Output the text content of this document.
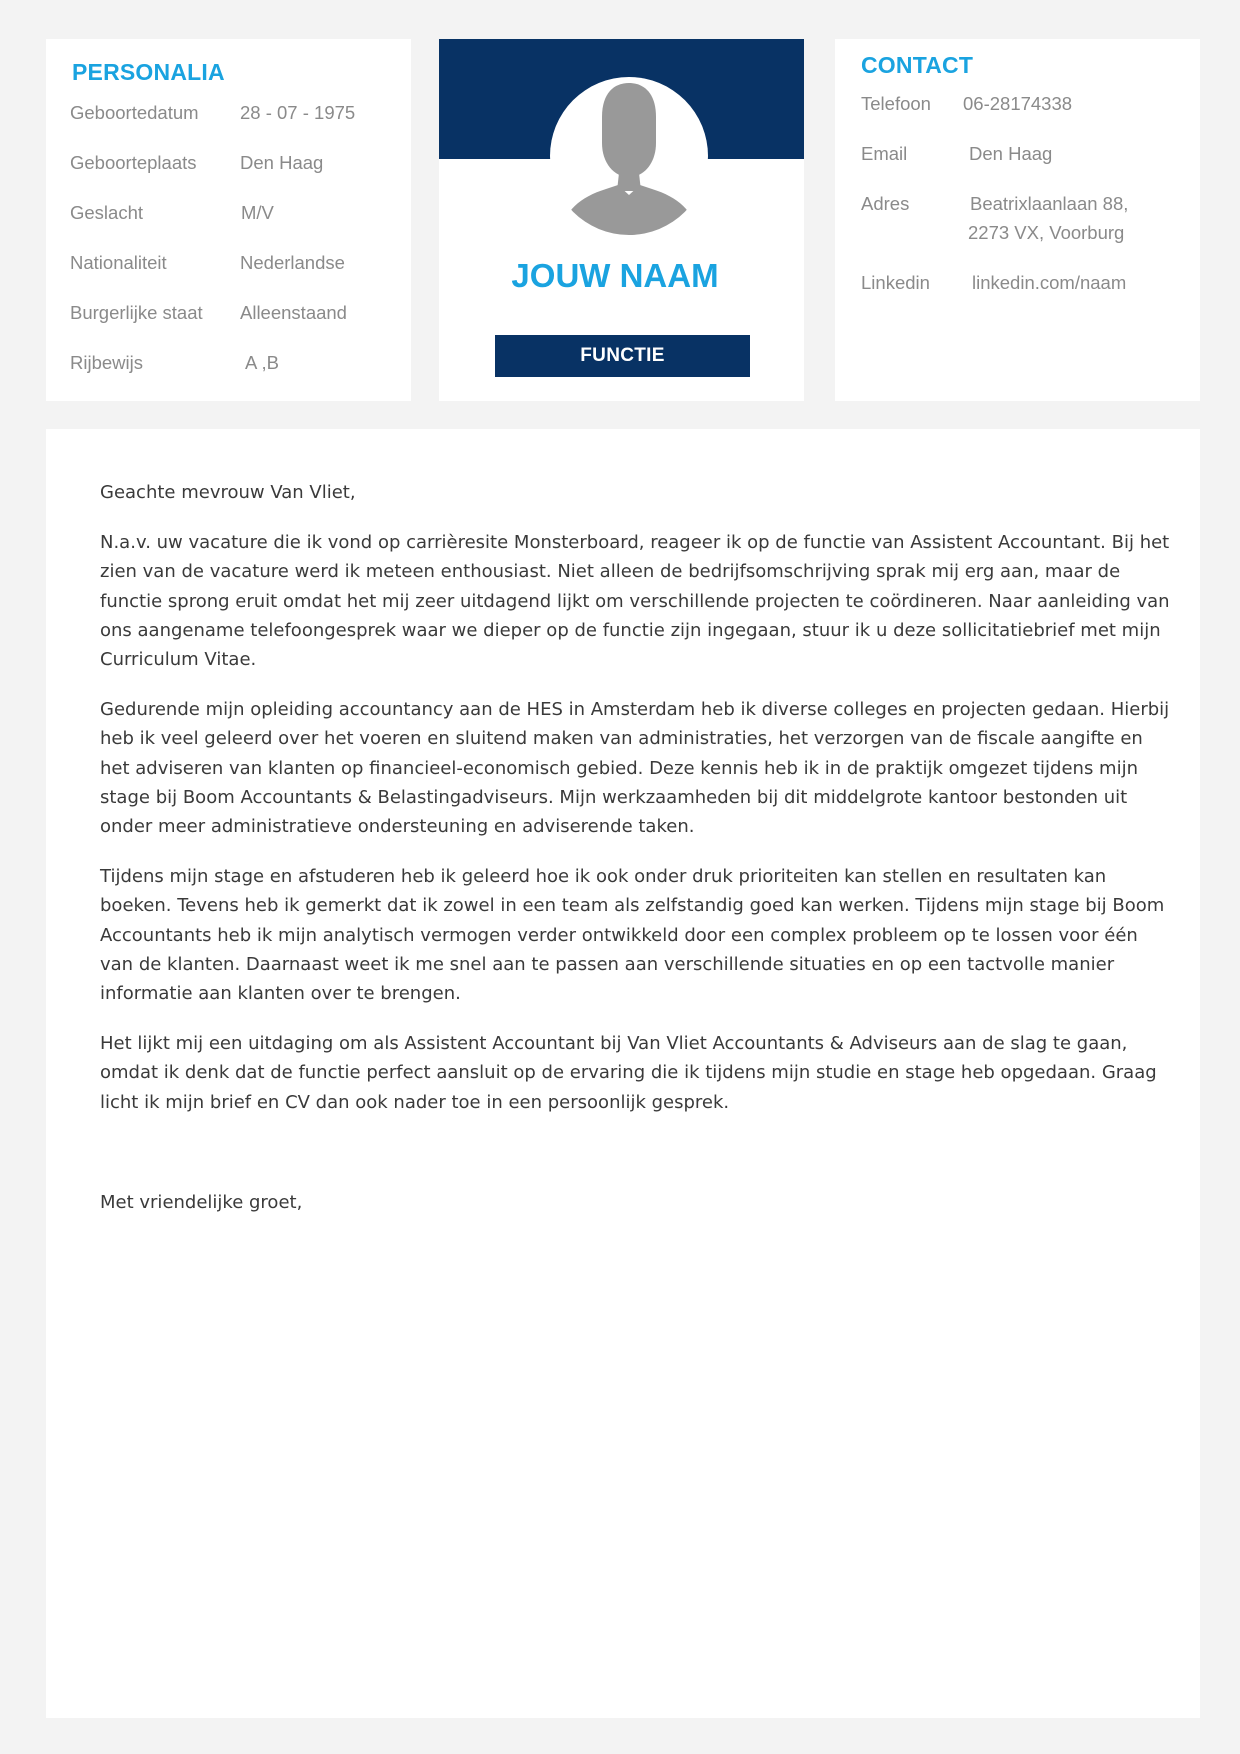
PERSONALIA
Geboortedatum 28 - 07 - 1975
Geboorteplaats Den Haag
Geslacht	M/V
Nationaliteit	Nederlandse
Burgerlijke staat Alleenstaand
Rijbewijs	A ,B
JOUW NAAM
FUNCTIE
CONTACT
Telefoon 06-28174338
Email	Den Haag
Adres	Beatrixlaanlaan 88,
2273 VX, Voorburg
Linkedin linkedin.com/naam

Geachte mevrouw Van Vliet,

N.a.v. uw vacature die ik vond op carrièresite Monsterboard, reageer ik op de functie van Assistent Accountant. Bij het zien van de vacature werd ik meteen enthousiast. Niet alleen de bedrijfsomschrijving sprak mij erg aan, maar de functie sprong eruit omdat het mij zeer uitdagend lijkt om verschillende projecten te coördineren. Naar aanleiding van ons aangename telefoongesprek waar we dieper op de functie zijn ingegaan, stuur ik u deze sollicitatiebrief met mijn Curriculum Vitae.

Gedurende mijn opleiding accountancy aan de HES in Amsterdam heb ik diverse colleges en projecten gedaan. Hierbij heb ik veel geleerd over het voeren en sluitend maken van administraties, het verzorgen van de fiscale aangifte en het adviseren van klanten op financieel-economisch gebied. Deze kennis heb ik in de praktijk omgezet tijdens mijn stage bij Boom Accountants & Belastingadviseurs. Mijn werkzaamheden bij dit middelgrote kantoor bestonden uit onder meer administratieve ondersteuning en adviserende taken.

Tijdens mijn stage en afstuderen heb ik geleerd hoe ik ook onder druk prioriteiten kan stellen en resultaten kan boeken. Tevens heb ik gemerkt dat ik zowel in een team als zelfstandig goed kan werken. Tijdens mijn stage bij Boom Accountants heb ik mijn analytisch vermogen verder ontwikkeld door een complex probleem op te lossen voor één van de klanten. Daarnaast weet ik me snel aan te passen aan verschillende situaties en op een tactvolle manier informatie aan klanten over te brengen.

Het lijkt mij een uitdaging om als Assistent Accountant bij Van Vliet Accountants & Adviseurs aan de slag te gaan, omdat ik denk dat de functie perfect aansluit op de ervaring die ik tijdens mijn studie en stage heb opgedaan. Graag licht ik mijn brief en CV dan ook nader toe in een persoonlijk gesprek.

Met vriendelijke groet,
